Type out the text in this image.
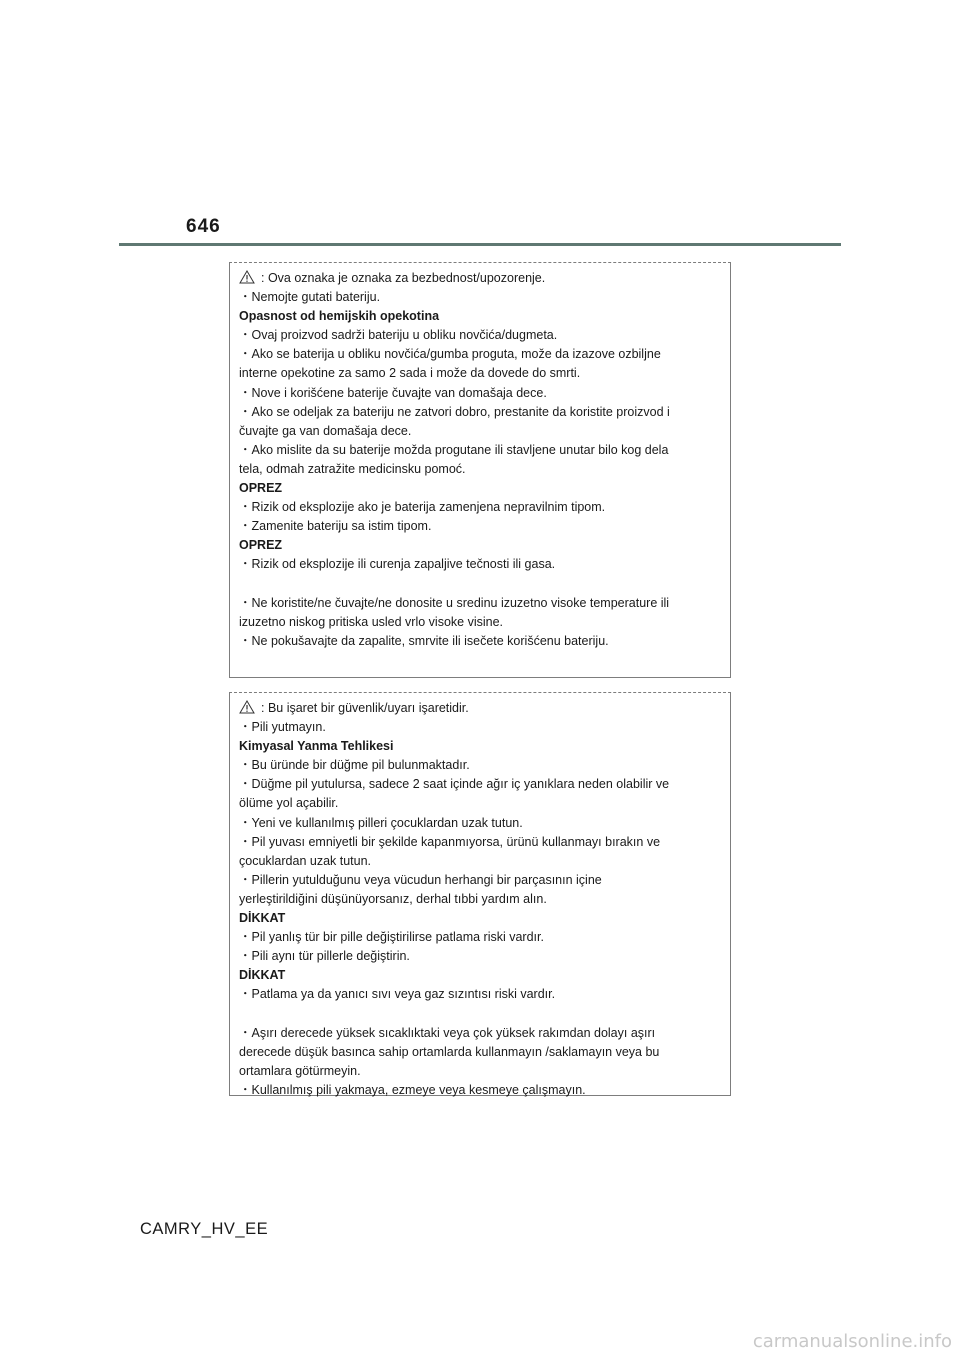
646
: Ova oznaka je oznaka za bezbednost/upozorenje.
・Nemojte gutati bateriju.
Opasnost od hemijskih opekotina
・Ovaj proizvod sadrži bateriju u obliku novčića/dugmeta.
・Ako se baterija u obliku novčića/gumba proguta, može da izazove ozbiljne
interne opekotine za samo 2 sada i može da dovede do smrti.
・Nove i korišćene baterije čuvajte van domašaja dece.
・Ako se odeljak za bateriju ne zatvori dobro, prestanite da koristite proizvod i
čuvajte ga van domašaja dece.
・Ako mislite da su baterije možda progutane ili stavljene unutar bilo kog dela
tela, odmah zatražite medicinsku pomoć.
OPREZ
・Rizik od eksplozije ako je baterija zamenjena nepravilnim tipom.
・Zamenite bateriju sa istim tipom.
OPREZ
・Rizik od eksplozije ili curenja zapaljive tečnosti ili gasa.
・Ne koristite/ne čuvajte/ne donosite u sredinu izuzetno visoke temperature ili
izuzetno niskog pritiska usled vrlo visoke visine.
・Ne pokušavajte da zapalite, smrvite ili isečete korišćenu bateriju.
: Bu işaret bir güvenlik/uyarı işaretidir.
・Pili yutmayın.
Kimyasal Yanma Tehlikesi
・Bu üründe bir düğme pil bulunmaktadır.
・Düğme pil yutulursa, sadece 2 saat içinde ağır iç yanıklara neden olabilir ve
ölüme yol açabilir.
・Yeni ve kullanılmış pilleri çocuklardan uzak tutun.
・Pil yuvası emniyetli bir şekilde kapanmıyorsa, ürünü kullanmayı bırakın ve
çocuklardan uzak tutun.
・Pillerin yutulduğunu veya vücudun herhangi bir parçasının içine
yerleştirildiğini düşünüyorsanız, derhal tıbbi yardım alın.
DİKKAT
・Pil yanlış tür bir pille değiştirilirse patlama riski vardır.
・Pili aynı tür pillerle değiştirin.
DİKKAT
・Patlama ya da yanıcı sıvı veya gaz sızıntısı riski vardır.
・Aşırı derecede yüksek sıcaklıktaki veya çok yüksek rakımdan dolayı aşırı
derecede düşük basınca sahip ortamlarda kullanmayın /saklamayın veya bu
ortamlara götürmeyin.
・Kullanılmış pili yakmaya, ezmeye veya kesmeye çalışmayın.
CAMRY_HV_EE
carmanualsonline.info
